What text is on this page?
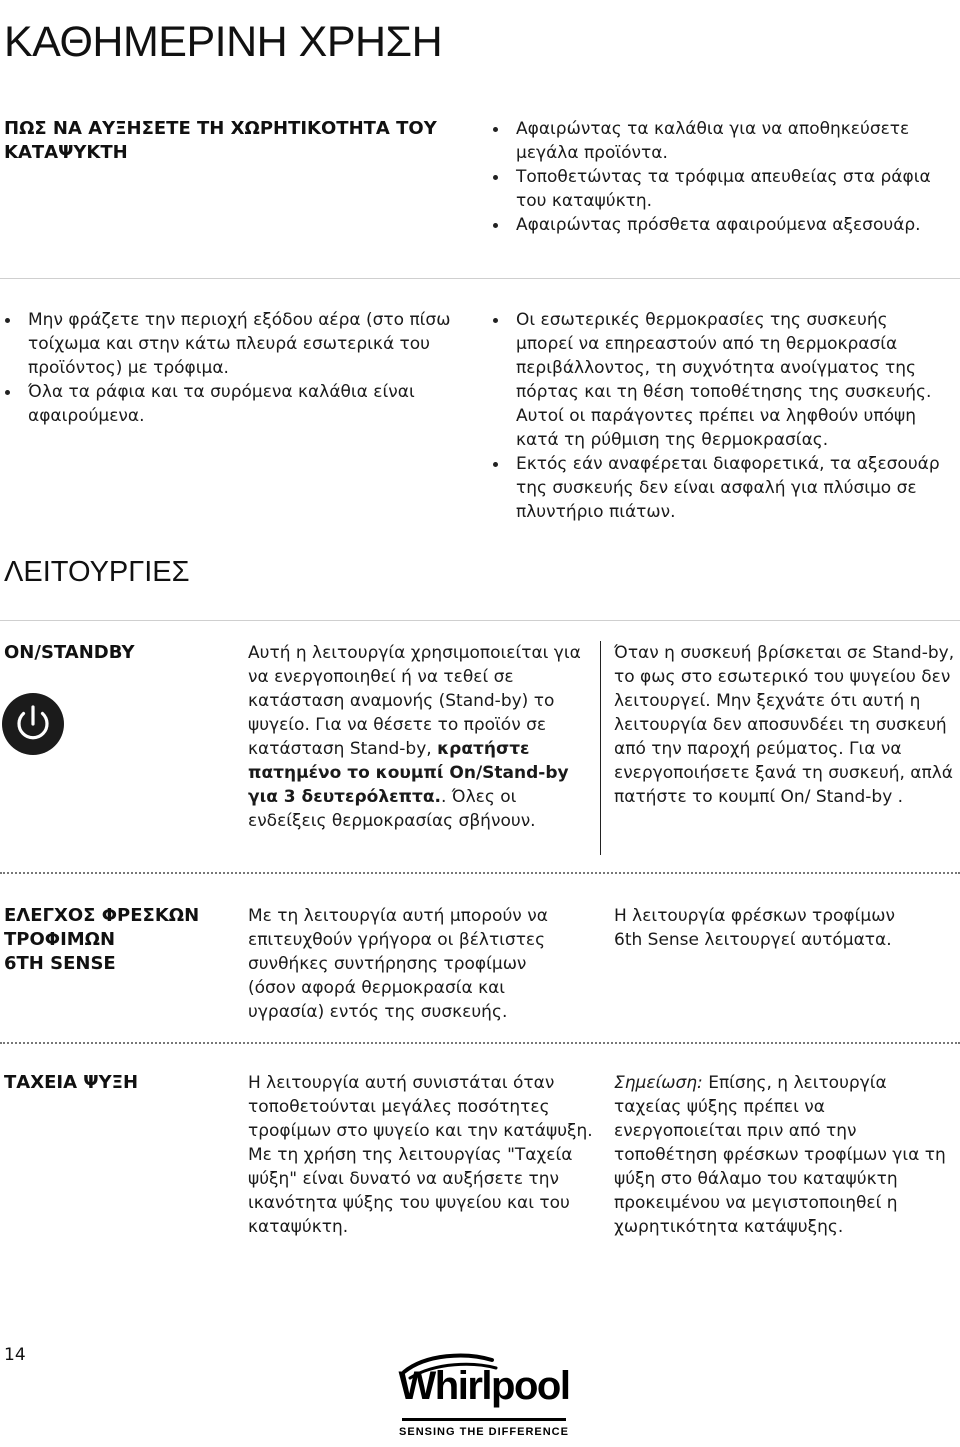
ΚΑΘΗΜΕΡΙΝΗ ΧΡΗΣΗ
ΠΩΣ ΝΑ ΑΥΞΗΣΕΤΕ ΤΗ ΧΩΡΗΤΙΚΟΤΗΤΑ ΤΟΥ ΚΑΤΑΨΥΚΤΗ
Αφαιρώντας τα καλάθια για να αποθηκεύσετε μεγάλα προϊόντα.
Τοποθετώντας τα τρόφιμα απευθείας στα ράφια του καταψύκτη.
Αφαιρώντας πρόσθετα αφαιρούμενα αξεσουάρ.
Μην φράζετε την περιοχή εξόδου αέρα (στο πίσω τοίχωμα και στην κάτω πλευρά εσωτερικά του προϊόντος) με τρόφιμα.
Όλα τα ράφια και τα συρόμενα καλάθια είναι αφαιρούμενα.
Οι εσωτερικές θερμοκρασίες της συσκευής μπορεί να επηρεαστούν από τη θερμοκρασία περιβάλλοντος, τη συχνότητα ανοίγματος της πόρτας και τη θέση τοποθέτησης της συσκευής. Αυτοί οι παράγοντες πρέπει να ληφθούν υπόψη κατά τη ρύθμιση της θερμοκρασίας.
Εκτός εάν αναφέρεται διαφορετικά, τα αξεσουάρ της συσκευής δεν είναι ασφαλή για πλύσιμο σε πλυντήριο πιάτων.
ΛΕΙΤΟΥΡΓΙΕΣ
ON/STANDBY	Αυτή η λειτουργία χρησιμοποιείται για να ενεργοποιηθεί ή να τεθεί σε κατάσταση αναμονής (Stand-by) το ψυγείο. Για να θέσετε το προϊόν σε κατάσταση Stand-by, κρατήστε πατημένο το κουμπί On/Stand-by για 3 δευτερόλεπτα.. Όλες οι ενδείξεις θερμοκρασίας σβήνουν.
Όταν η συσκευή βρίσκεται σε Stand-by, το φως στο εσωτερικό του ψυγείου δεν λειτουργεί. Μην ξεχνάτε ότι αυτή η λειτουργία δεν αποσυνδέει τη συσκευή από την παροχή ρεύματος. Για να ενεργοποιήσετε ξανά τη συσκευή, απλά πατήστε το κουμπί On/ Stand-by .
ΕΛΕΓΧΟΣ ΦΡΕΣΚΩΝ
ΤΡΟΦΙΜΩΝ
6TH SENSE
Με τη λειτουργία αυτή μπορούν να επιτευχθούν γρήγορα οι βέλτιστες συνθήκες συντήρησης τροφίμων (όσον αφορά θερμοκρασία και υγρασία) εντός της συσκευής.
Η λειτουργία φρέσκων τροφίμων 6th Sense λειτουργεί αυτόματα.
ΤΑΧΕΙΑ ΨΥΞΗ	Η λειτουργία αυτή συνιστάται όταν τοποθετούνται μεγάλες ποσότητες τροφίμων στο ψυγείο και την κατάψυξη.
Με τη χρήση της λειτουργίας "Ταχεία ψύξη" είναι δυνατό να αυξήσετε την ικανότητα ψύξης του ψυγείου και του καταψύκτη.
Σημείωση: Επίσης, η λειτουργία ταχείας ψύξης πρέπει να ενεργοποιείται πριν από την τοποθέτηση φρέσκων τροφίμων για τη ψύξη στο θάλαμο του καταψύκτη προκειμένου να μεγιστοποιηθεί η χωρητικότητα κατάψυξης.
14
Whirlpool
SENSING THE DIFFERENCE
